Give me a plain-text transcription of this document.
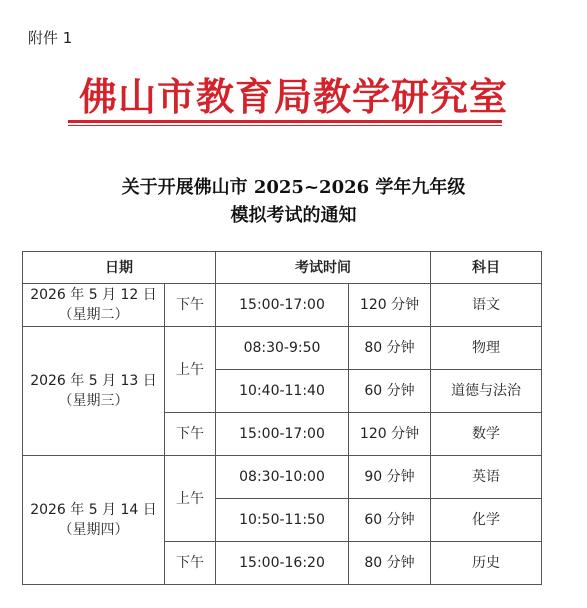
附件 1
佛山市教育局教学研究室
关于开展佛山市 2025~2026 学年九年级
模拟考试的通知
日期		考试时间		科目

2026 年 5 月 12 日
（星期二）	下午	15:00-17:00	120 分钟	语文

2026 年 5 月 13 日
（星期三）	上午	08:30-9:50	80 分钟	物理
		10:40-11:40	60 分钟	道德与法治
	下午	15:00-17:00	120 分钟	数学

2026 年 5 月 14 日
（星期四）	上午	08:30-10:00	90 分钟	英语
		10:50-11:50	60 分钟	化学
	下午	15:00-16:20	80 分钟	历史
